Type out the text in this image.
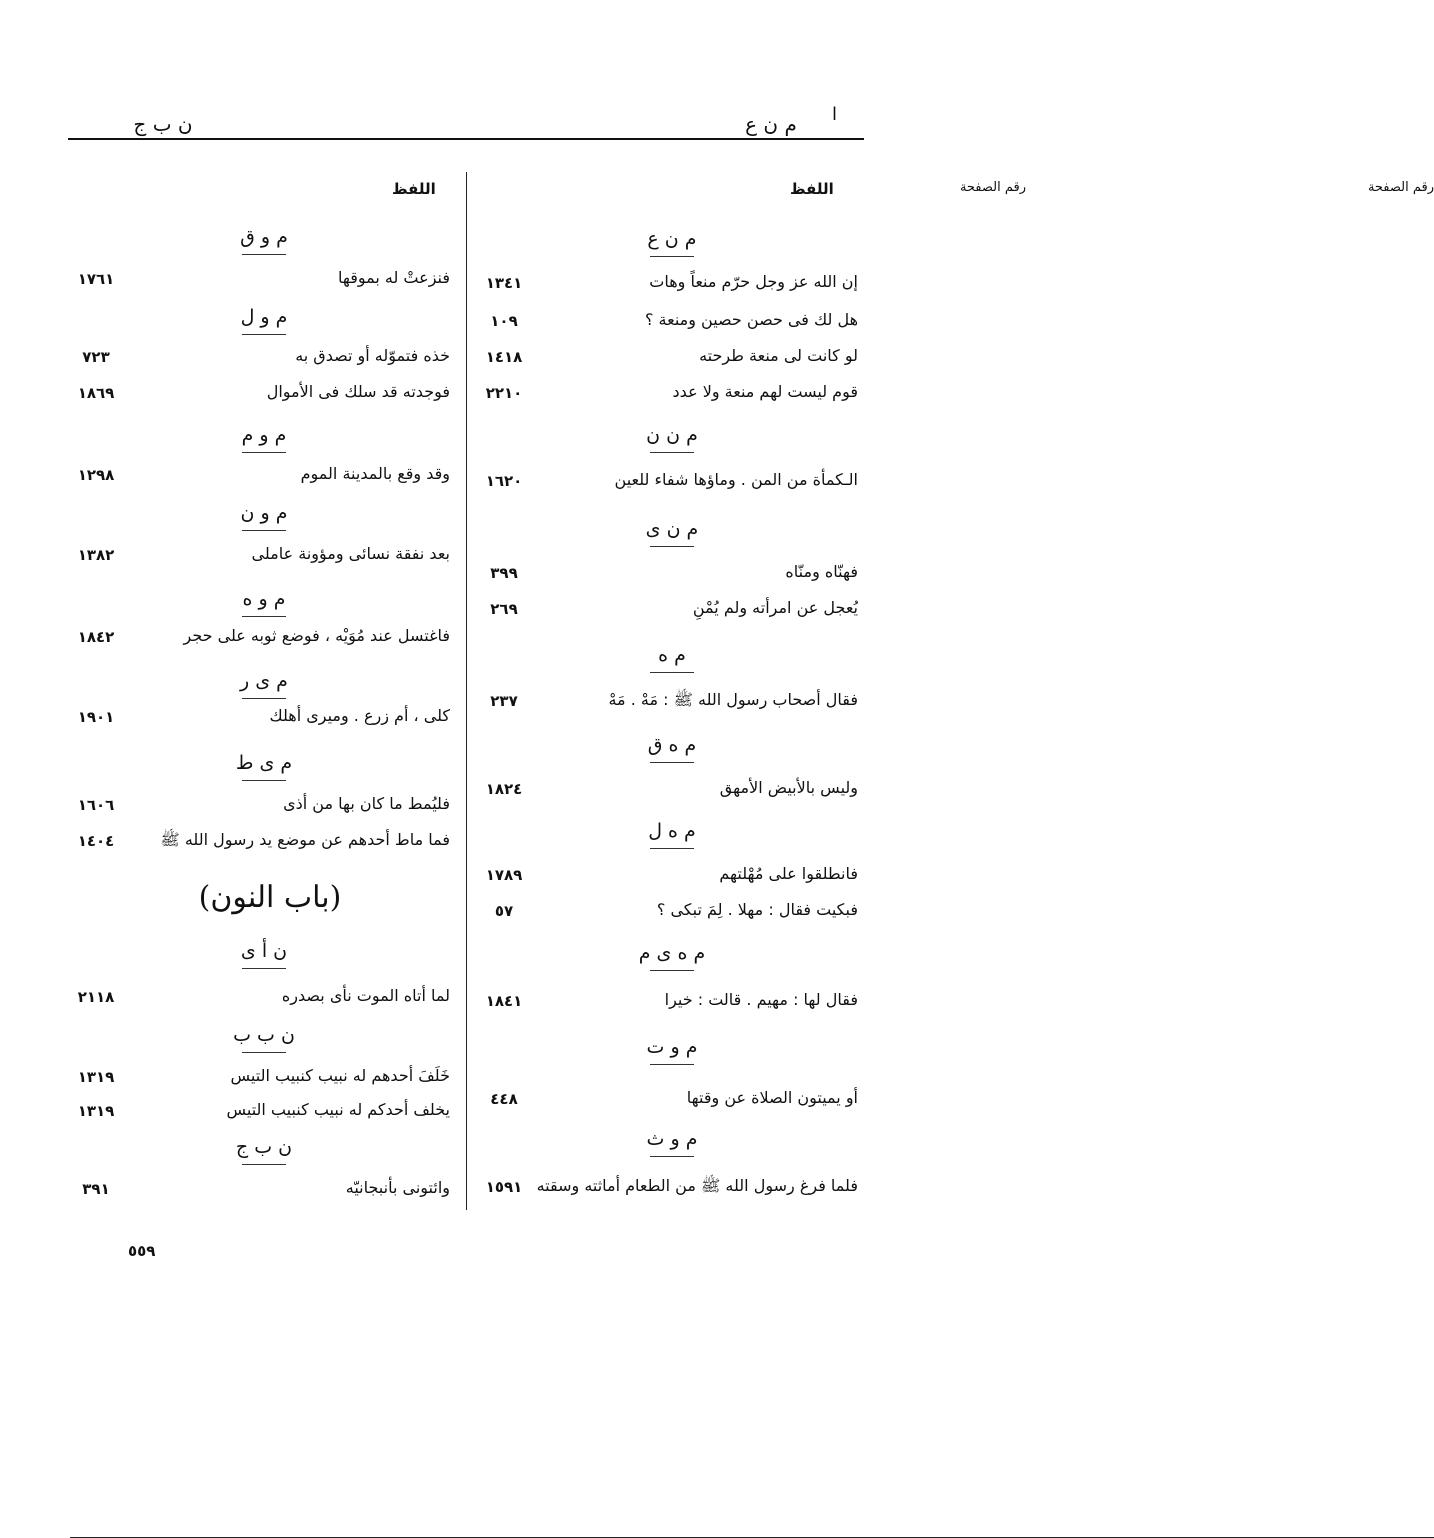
ن ب ج	م ن ع	ا
اللفظ	رقم الصفحة
اللفظ	رقم الصفحة
م ن ع
إن الله عز وجل حرّم منعاً وهات
١٣٤١
هل لك فى حصن حصين ومنعة ؟
١٠٩
لو كانت لى منعة طرحته
١٤١٨
قوم ليست لهم منعة ولا عدد
٢٢١٠
م ن ن
الـكمأة من المن . وماؤها شفاء للعين
١٦٢٠
م ن ى
فهنّاه ومنّاه
٣٩٩
يُعجل عن امرأته ولم يُمْنِ
٢٦٩
م ه
فقال أصحاب رسول الله ﷺ : مَهْ . مَهْ
٢٣٧
م ه ق
وليس بالأبيض الأمهق
١٨٢٤
م ه ل
فانطلقوا على مُهْلتهم
١٧٨٩
فبكيت فقال : مهلا . لِمَ تبكى ؟
٥٧
م ه ى م
فقال لها : مهيم . قالت : خيرا
١٨٤١
م و ت
أو يميتون الصلاة عن وقتها
٤٤٨
م و ث
فلما فرغ رسول الله ﷺ من الطعام أماثته وسقته
١٥٩١
م و ق
فنزعتْ له بموقها
١٧٦١
م و ل
خذه فتموّله أو تصدق به
٧٢٣
فوجدته قد سلك فى الأموال
١٨٦٩
م و م
وقد وقع بالمدينة الموم
١٢٩٨
م و ن
بعد نفقة نسائى ومؤونة عاملى
١٣٨٢
م و ه
فاغتسل عند مُوَيْه ، فوضع ثوبه على حجر
١٨٤٢
م ى ر
كلى ، أم زرع . وميرى أهلك
١٩٠١
م ى ط
فليُمط ما كان بها من أذى
١٦٠٦
فما ماط أحدهم عن موضع يد رسول الله ﷺ
١٤٠٤
(باب النون)
ن أ ى
لما أتاه الموت نأى بصدره
٢١١٨
ن ب ب
خَلَفَ أحدهم له نبيب كنبيب التيس
١٣١٩
يخلف أحدكم له نبيب كنبيب التيس
١٣١٩
ن ب ج
وائتونى بأنبجانيّه
٣٩١
٥٥٩
